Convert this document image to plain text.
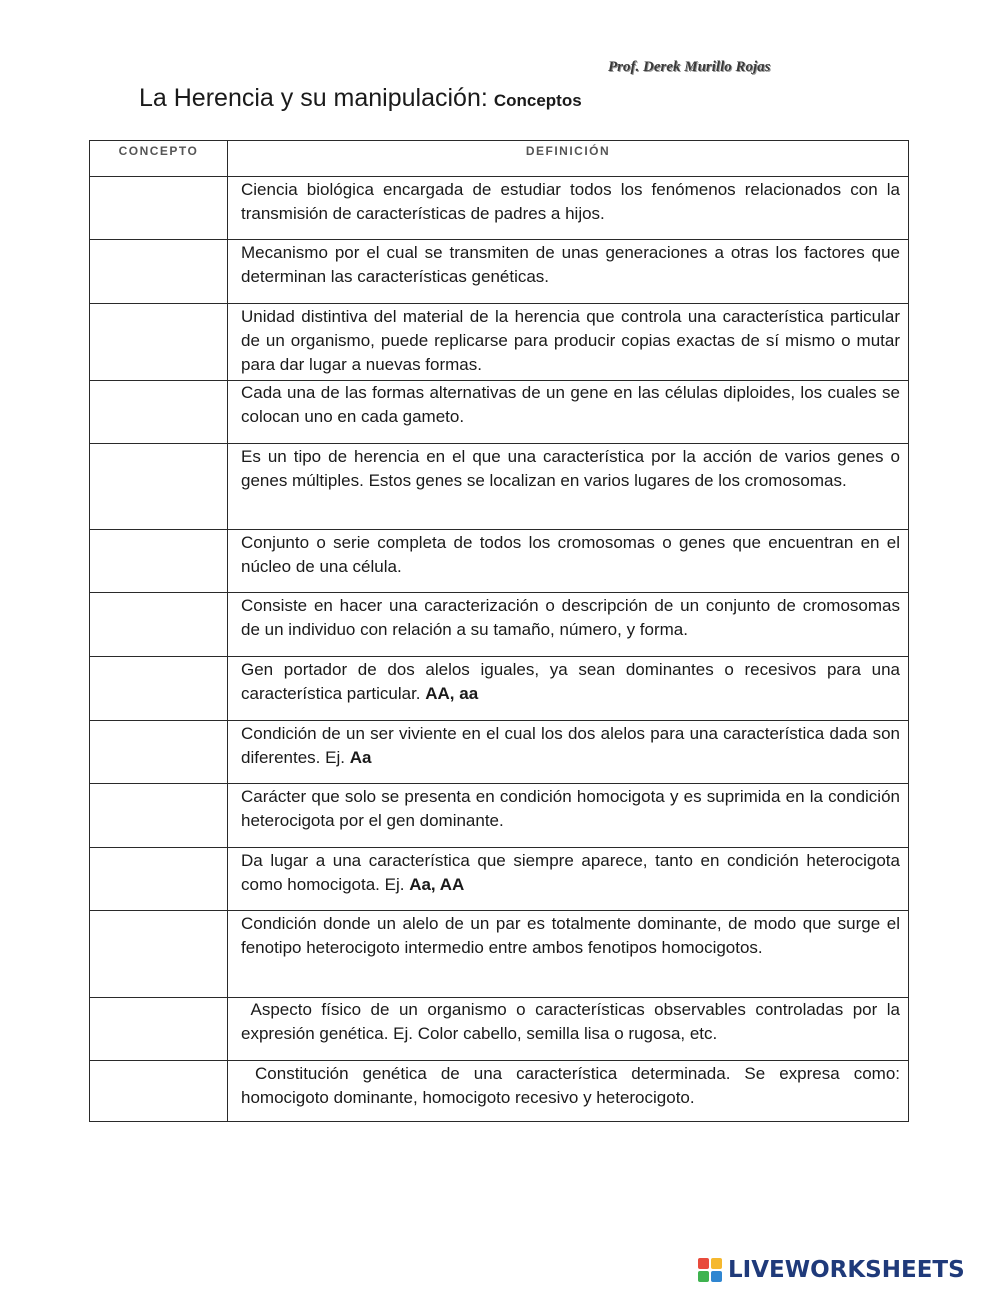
Prof. Derek Murillo Rojas
La Herencia y su manipulación: Conceptos
CONCEPTO	DEFINICIÓN
	Ciencia biológica encargada de estudiar todos los fenómenos relacionados con la transmisión de características de padres a hijos.
	Mecanismo por el cual se transmiten de unas generaciones a otras los factores que determinan las características genéticas.
	Unidad distintiva del material de la herencia que controla una característica particular de un organismo, puede replicarse para producir copias exactas de sí mismo o mutar para dar lugar a nuevas formas.
	Cada una de las formas alternativas de un gene en las células diploides, los cuales se colocan uno en cada gameto.
	Es un tipo de herencia en el que una característica por la acción de varios genes o genes múltiples. Estos genes se localizan en varios lugares de los cromosomas.
	Conjunto o serie completa de todos los cromosomas o genes que encuentran en el núcleo de una célula.
	Consiste en hacer una caracterización o descripción de un conjunto de cromosomas de un individuo con relación a su tamaño, número, y forma.
	Gen portador de dos alelos iguales, ya sean dominantes o recesivos para una característica particular. AA, aa
	Condición de un ser viviente en el cual los dos alelos para una característica dada son diferentes. Ej. Aa
	Carácter que solo se presenta en condición homocigota y es suprimida en la condición heterocigota por el gen dominante.
	Da lugar a una característica que siempre aparece, tanto en condición heterocigota como homocigota. Ej. Aa, AA
	Condición donde un alelo de un par es totalmente dominante, de modo que surge el fenotipo heterocigoto intermedio entre ambos fenotipos homocigotos.
	Aspecto físico de un organismo o características observables controladas por la expresión genética. Ej. Color cabello, semilla lisa o rugosa, etc.
	Constitución genética de una característica determinada. Se expresa como: homocigoto dominante, homocigoto recesivo y heterocigoto.
LIVEWORKSHEETS
